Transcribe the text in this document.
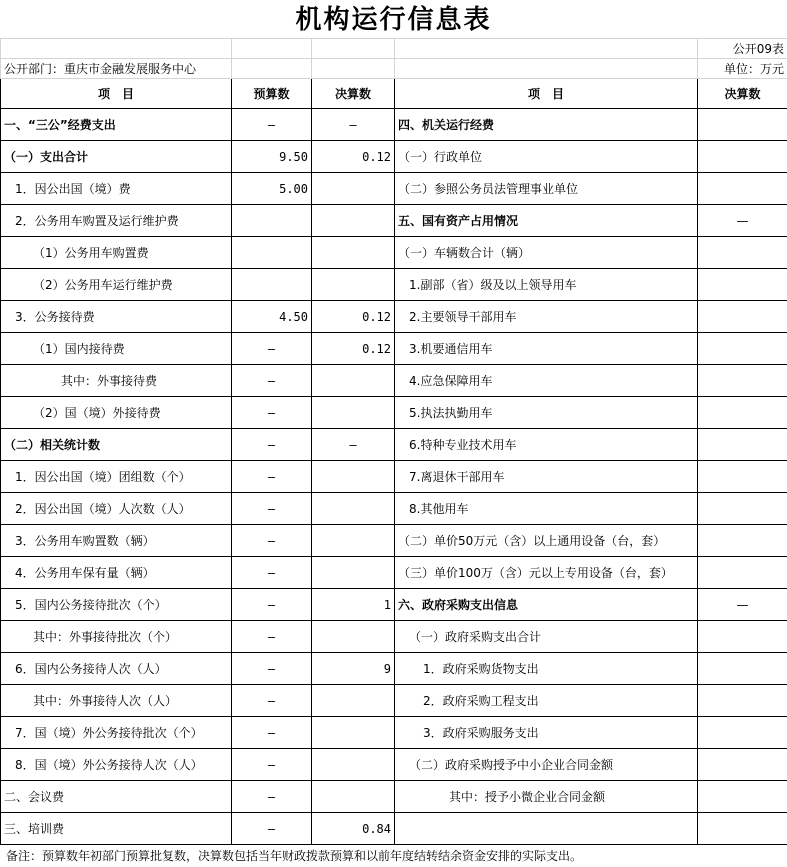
机构运行信息表
				公开09表
公开部门：重庆市金融发展服务中心				单位：万元
项　目	预算数	决算数	项　目	决算数
一、“三公”经费支出	—	—	四、机关运行经费	
（一）支出合计	9.50	0.12	（一）行政单位	
1．因公出国（境）费	5.00		（二）参照公务员法管理事业单位	
2．公务用车购置及运行维护费			五、国有资产占用情况	—
（1）公务用车购置费			（一）车辆数合计（辆）	
（2）公务用车运行维护费			1.副部（省）级及以上领导用车	
3．公务接待费	4.50	0.12	2.主要领导干部用车	
（1）国内接待费	—	0.12	3.机要通信用车	
其中：外事接待费	—		4.应急保障用车	
（2）国（境）外接待费	—		5.执法执勤用车	
（二）相关统计数	—	—	6.特种专业技术用车	
1．因公出国（境）团组数（个）	—		7.离退休干部用车	
2．因公出国（境）人次数（人）	—		8.其他用车	
3．公务用车购置数（辆）	—		（二）单价50万元（含）以上通用设备（台，套）	
4．公务用车保有量（辆）	—		（三）单价100万（含）元以上专用设备（台，套）	
5．国内公务接待批次（个）	—	1	六、政府采购支出信息	—
其中：外事接待批次（个）	—		（一）政府采购支出合计	
6．国内公务接待人次（人）	—	9	1．政府采购货物支出	
其中：外事接待人次（人）	—		2．政府采购工程支出	
7．国（境）外公务接待批次（个）	—		3．政府采购服务支出	
8．国（境）外公务接待人次（人）	—		（二）政府采购授予中小企业合同金额	
二、会议费	—		其中：授予小微企业合同金额	
三、培训费	—	0.84		
备注：预算数年初部门预算批复数，决算数包括当年财政拨款预算和以前年度结转结余资金安排的实际支出。
